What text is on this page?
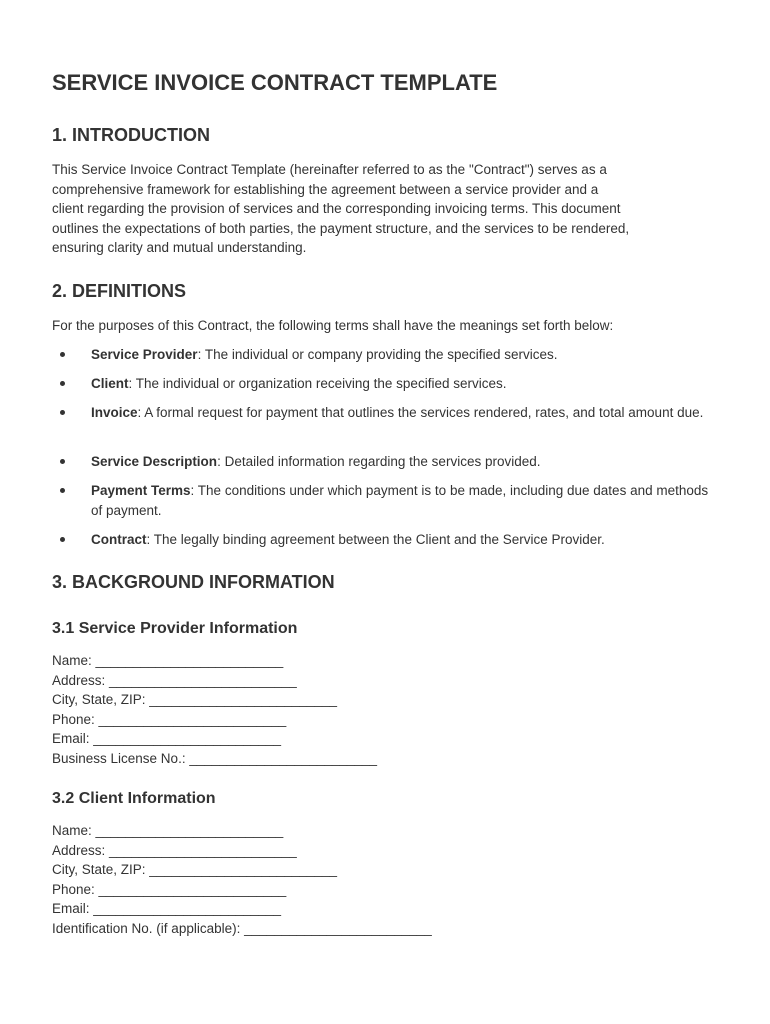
SERVICE INVOICE CONTRACT TEMPLATE
1. INTRODUCTION

This Service Invoice Contract Template (hereinafter referred to as the "Contract") serves as a

comprehensive framework for establishing the agreement between a service provider and a

client regarding the provision of services and the corresponding invoicing terms. This document

outlines the expectations of both parties, the payment structure, and the services to be rendered,

ensuring clarity and mutual understanding.

2. DEFINITIONS

For the purposes of this Contract, the following terms shall have the meanings set forth below:

Service Provider: The individual or company providing the specified services.
Client: The individual or organization receiving the specified services.
Invoice: A formal request for payment that outlines the services rendered, rates, and total amount due.
Service Description: Detailed information regarding the services provided.
Payment Terms: The conditions under which payment is to be made, including due dates and methods of payment.
Contract: The legally binding agreement between the Client and the Service Provider.
3. BACKGROUND INFORMATION
3.1 Service Provider Information
Name: _________________________
Address: _________________________
City, State, ZIP: _________________________
Phone: _________________________
Email: _________________________
Business License No.: _________________________
3.2 Client Information
Name: _________________________
Address: _________________________
City, State, ZIP: _________________________
Phone: _________________________
Email: _________________________
Identification No. (if applicable): _________________________
